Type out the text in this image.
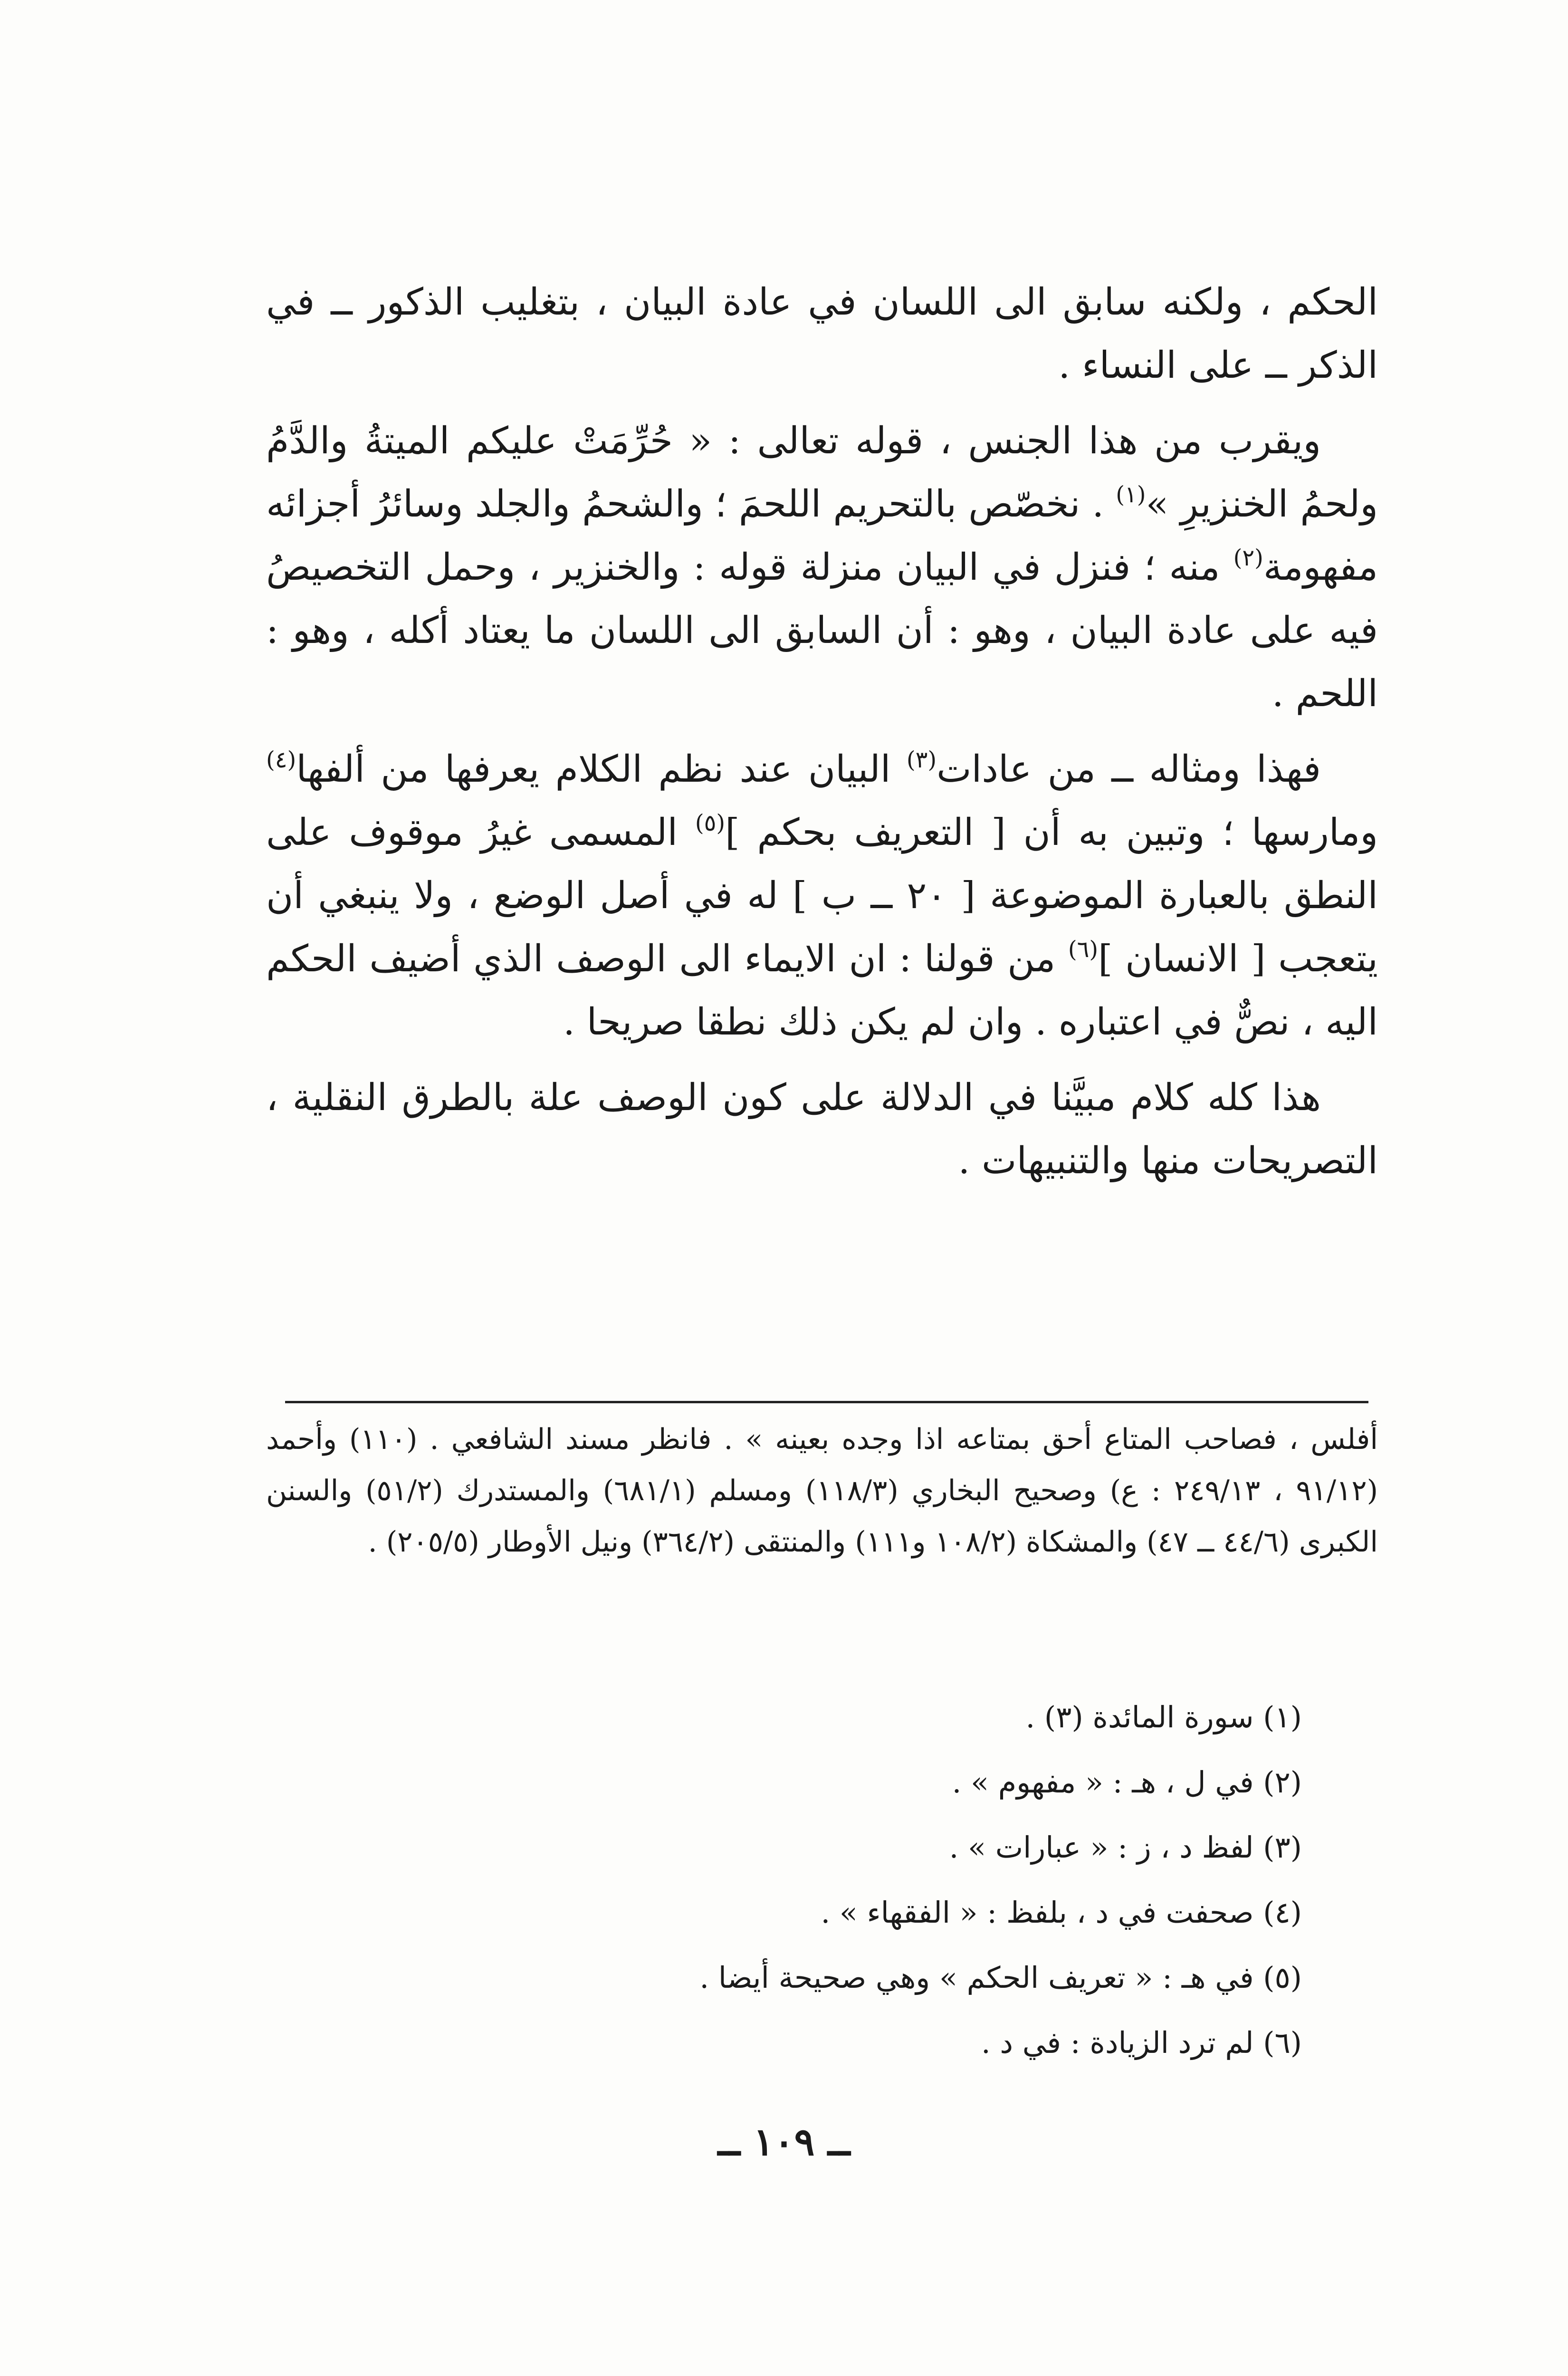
الحكم ، ولكنه سابق الى اللسان في عادة البيان ، بتغليب الذكور ــ في الذكر ــ على النساء .

ويقرب من هذا الجنس ، قوله تعالى : « حُرِّمَتْ عليكم الميتةُ والدَّمُ ولحمُ الخنزيرِ »$^{(١)}$ . نخصّص بالتحريم اللحمَ ؛ والشحمُ والجلد وسائرُ أجزائه مفهومة$^{(٢)}$ منه ؛ فنزل في البيان منزلة قوله : والخنزير ، وحمل التخصيصُ فيه على عادة البيان ، وهو : أن السابق الى اللسان ما يعتاد أكله ، وهو : اللحم .

فهذا ومثاله ــ من عادات$^{(٣)}$ البيان عند نظم الكلام يعرفها من ألفها$^{(٤)}$ ومارسها ؛ وتبين به أن [ التعريف بحكم ]$^{(٥)}$ المسمى غيرُ موقوف على النطق بالعبارة الموضوعة [ ٢٠ ــ ب ] له في أصل الوضع ، ولا ينبغي أن يتعجب [ الانسان ]$^{(٦)}$ من قولنا : ان الايماء الى الوصف الذي أضيف الحكم اليه ، نصٌّ في اعتباره . وان لم يكن ذلك نطقا صريحا .

هذا كله كلام مبيَّنا في الدلالة على كون الوصف علة بالطرق النقلية ، التصريحات منها والتنبيهات .

أفلس ، فصاحب المتاع أحق بمتاعه اذا وجده بعينه » . فانظر مسند الشافعي . (١١٠) وأحمد (٩١/١٢ ، ٢٤٩/١٣ : ع) وصحيح البخاري (١١٨/٣) ومسلم (٦٨١/١) والمستدرك (٥١/٢) والسنن الكبرى (٤٤/٦ ــ ٤٧) والمشكاة (١٠٨/٢ و١١١) والمنتقى (٣٦٤/٢) ونيل الأوطار (٢٠٥/٥) .
(١) سورة المائدة (٣) .
(٢) في ل ، هـ : « مفهوم » .
(٣) لفظ د ، ز : « عبارات » .
(٤) صحفت في د ، بلفظ : « الفقهاء » .
(٥) في هـ : « تعريف الحكم » وهي صحيحة أيضا .
(٦) لم ترد الزيادة : في د .
ــ ١٠٩ ــ
